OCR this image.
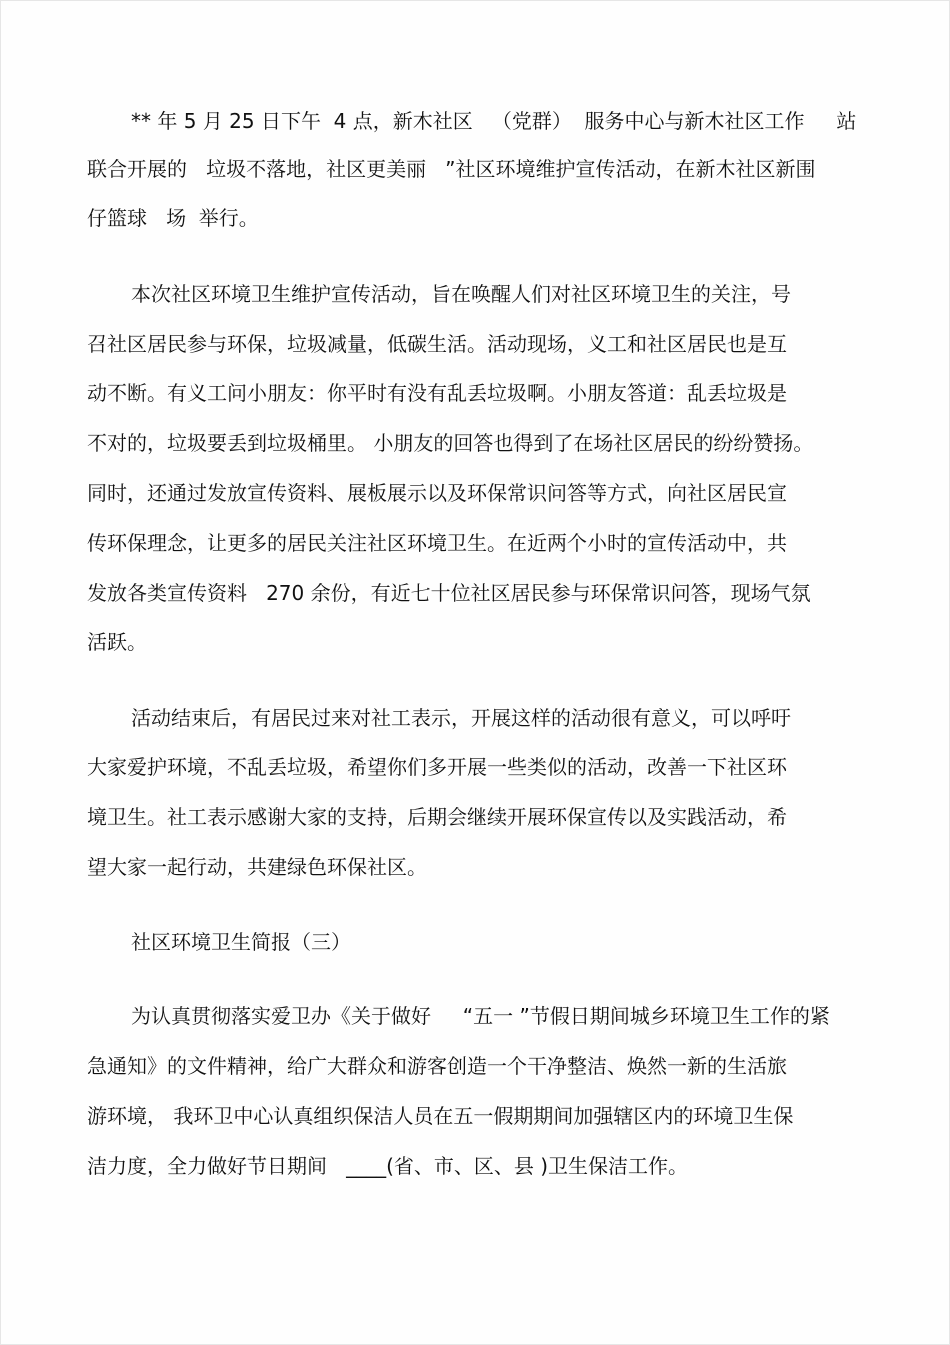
** 年 5 月 25 日下午  4 点，新木社区   （党群）  服务中心与新木社区工作     站
联合开展的   垃圾不落地，社区更美丽   ”社区环境维护宣传活动，在新木社区新围
仔篮球   场  举行。
本次社区环境卫生维护宣传活动，旨在唤醒人们对社区环境卫生的关注，号
召社区居民参与环保，垃圾减量，低碳生活。活动现场，义工和社区居民也是互
动不断。有义工问小朋友：你平时有没有乱丢垃圾啊。小朋友答道：乱丢垃圾是
不对的，垃圾要丢到垃圾桶里。 小朋友的回答也得到了在场社区居民的纷纷赞扬。
同时，还通过发放宣传资料、展板展示以及环保常识问答等方式，向社区居民宣
传环保理念，让更多的居民关注社区环境卫生。在近两个小时的宣传活动中，共
发放各类宣传资料   270 余份，有近七十位社区居民参与环保常识问答，现场气氛
活跃。
活动结束后，有居民过来对社工表示，开展这样的活动很有意义，可以呼吁
大家爱护环境，不乱丢垃圾，希望你们多开展一些类似的活动，改善一下社区环
境卫生。社工表示感谢大家的支持，后期会继续开展环保宣传以及实践活动，希
望大家一起行动，共建绿色环保社区。
社区环境卫生简报（三）
为认真贯彻落实爱卫办《关于做好     “五一 ”节假日期间城乡环境卫生工作的紧
急通知》的文件精神，给广大群众和游客创造一个干净整洁、焕然一新的生活旅
游环境， 我环卫中心认真组织保洁人员在五一假期期间加强辖区内的环境卫生保
洁力度，全力做好节日期间   ____(省、市、区、县 )卫生保洁工作。
